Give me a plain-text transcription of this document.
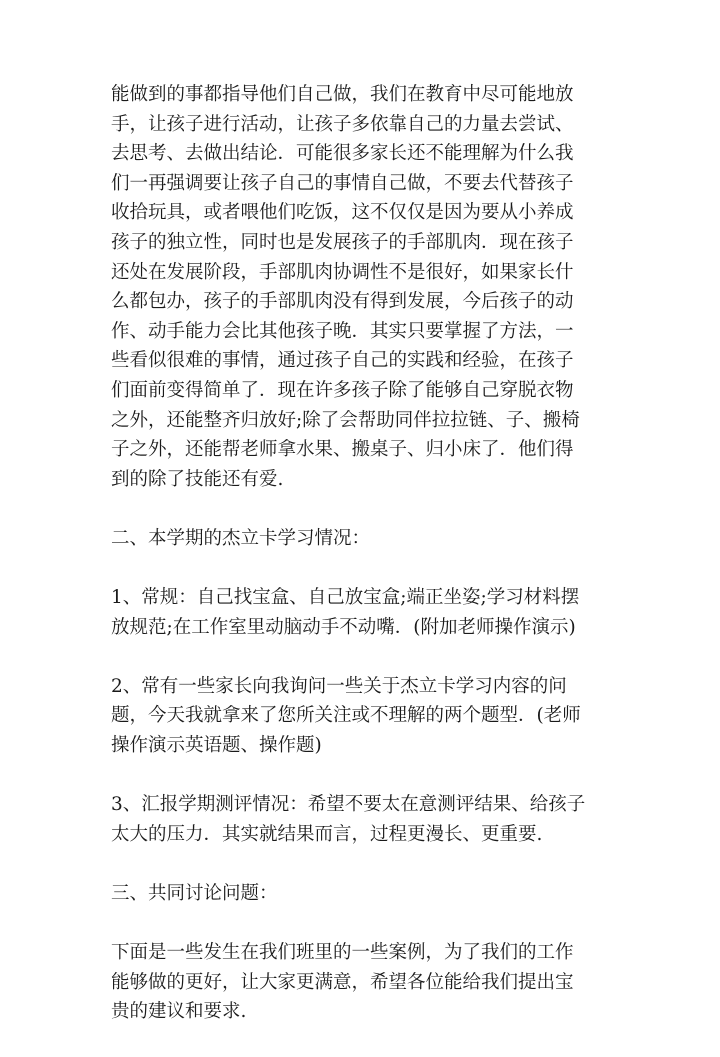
能做到的事都指导他们自己做，我们在教育中尽可能地放
手，让孩子进行活动，让孩子多依靠自己的力量去尝试、
去思考、去做出结论．可能很多家长还不能理解为什么我
们一再强调要让孩子自己的事情自己做，不要去代替孩子
收拾玩具，或者喂他们吃饭，这不仅仅是因为要从小养成
孩子的独立性，同时也是发展孩子的手部肌肉．现在孩子
还处在发展阶段，手部肌肉协调性不是很好，如果家长什
么都包办，孩子的手部肌肉没有得到发展，今后孩子的动
作、动手能力会比其他孩子晚．其实只要掌握了方法，一
些看似很难的事情，通过孩子自己的实践和经验，在孩子
们面前变得简单了．现在许多孩子除了能够自己穿脱衣物
之外，还能整齐归放好;除了会帮助同伴拉拉链、子、搬椅
子之外，还能帮老师拿水果、搬桌子、归小床了．他们得
到的除了技能还有爱.

二、本学期的杰立卡学习情况：

1、常规：自己找宝盒、自己放宝盒;端正坐姿;学习材料摆
放规范;在工作室里动脑动手不动嘴．(附加老师操作演示)

2、常有一些家长向我询问一些关于杰立卡学习内容的问
题，今天我就拿来了您所关注或不理解的两个题型．(老师
操作演示英语题、操作题)

3、汇报学期测评情况：希望不要太在意测评结果、给孩子
太大的压力．其实就结果而言，过程更漫长、更重要.

三、共同讨论问题：

下面是一些发生在我们班里的一些案例，为了我们的工作
能够做的更好，让大家更满意，希望各位能给我们提出宝
贵的建议和要求.
